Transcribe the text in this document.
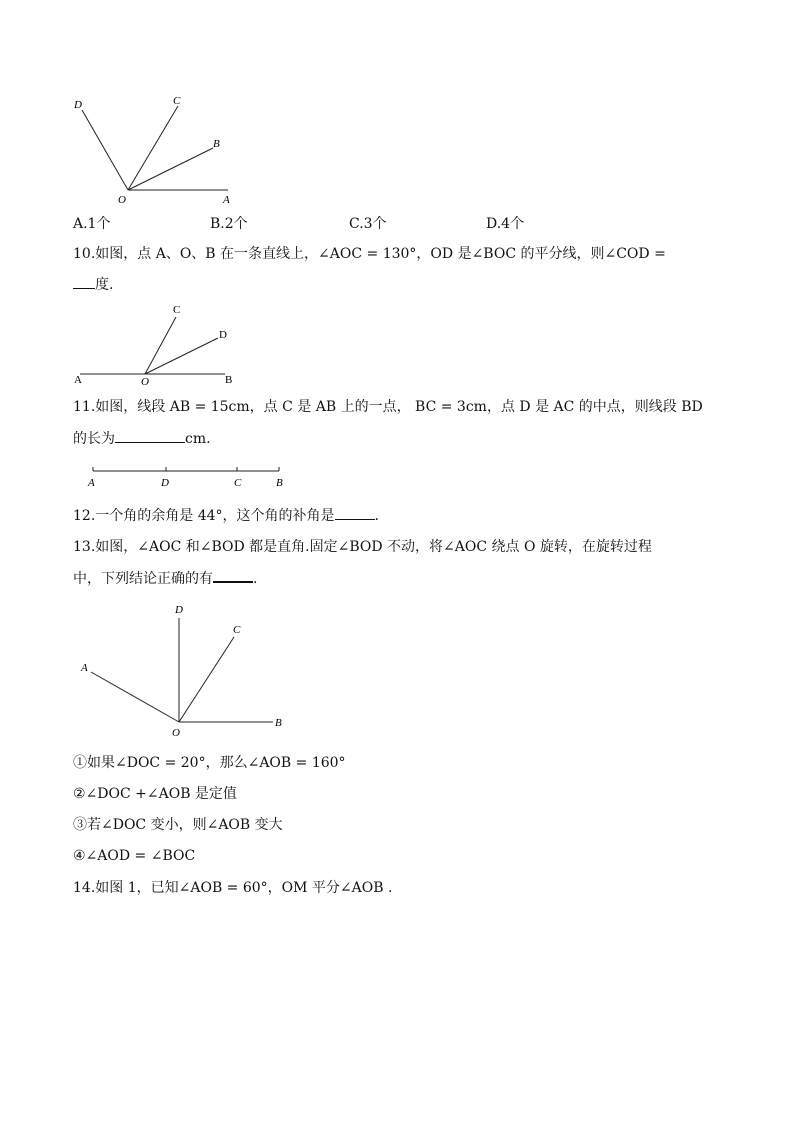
D	C
B
O	A
A.1个	B.2个	C.3个	D.4个
10.如图，点 A、O、B 在一条直线上，∠AOC = 130°，OD 是∠BOC 的平分线，则∠COD =
度.
C
D
A	O	B
11.如图，线段 AB = 15cm，点 C 是 AB 上的一点， BC = 3cm，点 D 是 AC 的中点，则线段 BD
的长为	cm.
A	D	C	B
12.一个角的余角是 44°，这个角的补角是	.
13.如图，∠AOC 和∠BOD 都是直角.固定∠BOD 不动，将∠AOC 绕点 O 旋转，在旋转过程
中，下列结论正确的有	.
D
C
A
O
B
①如果∠DOC = 20°，那么∠AOB = 160°
②∠DOC +∠AOB 是定值
③若∠DOC 变小，则∠AOB 变大
④∠AOD = ∠BOC
14.如图 1，已知∠AOB = 60°，OM 平分∠AOB .
